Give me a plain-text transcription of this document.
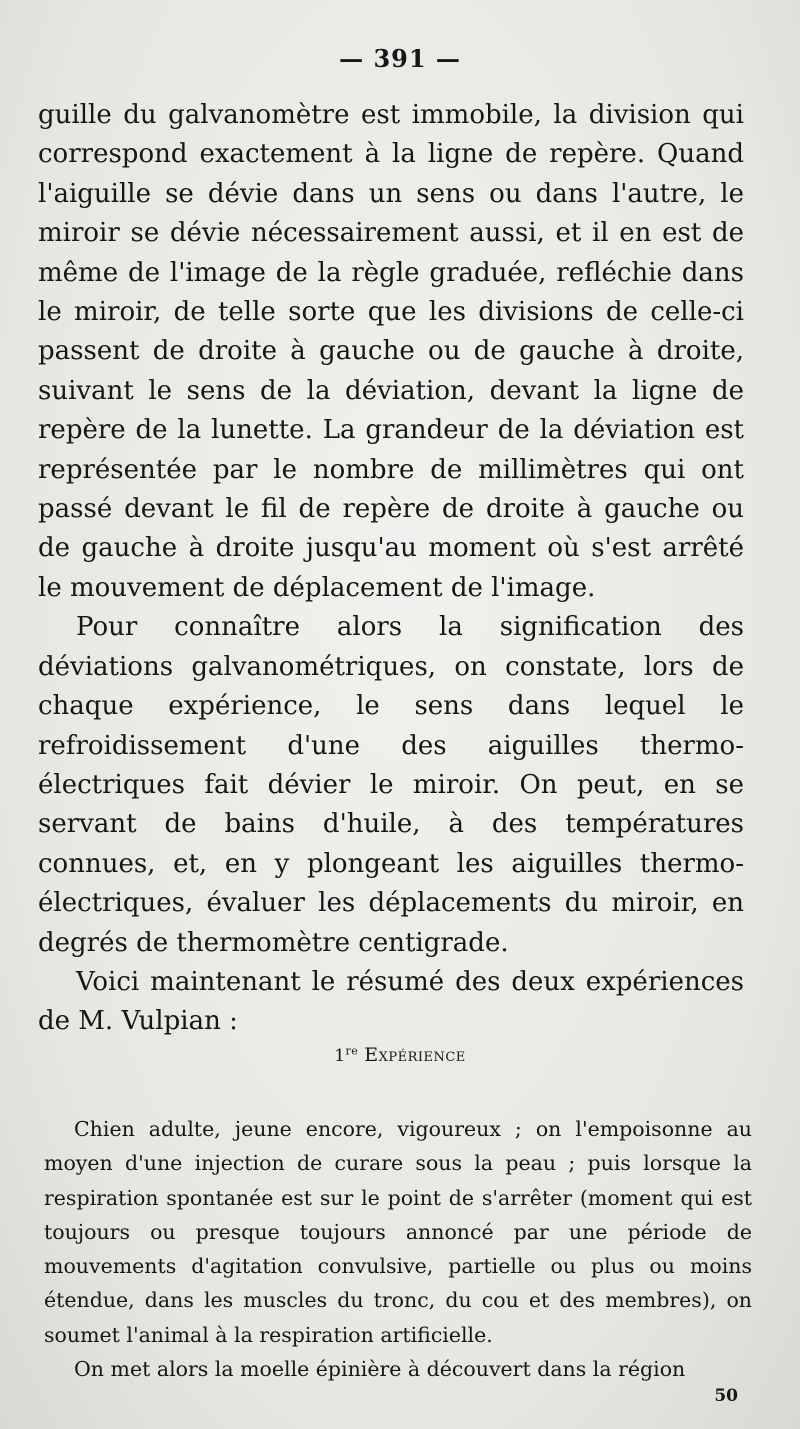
— 391 —

guille du galvanomètre est immobile, la division qui correspond exactement à la ligne de repère. Quand l'aiguille se dévie dans un sens ou dans l'autre, le miroir se dévie nécessairement aussi, et il en est de même de l'image de la règle graduée, refléchie dans le miroir, de telle sorte que les divisions de celle-ci passent de droite à gauche ou de gauche à droite, suivant le sens de la déviation, devant la ligne de repère de la lunette. La grandeur de la déviation est représentée par le nombre de millimètres qui ont passé devant le fil de repère de droite à gauche ou de gauche à droite jusqu'au moment où s'est arrêté le mouvement de déplacement de l'image.

Pour connaître alors la signification des déviations galvanométriques, on constate, lors de chaque expérience, le sens dans lequel le refroidissement d'une des aiguilles thermo-électriques fait dévier le miroir. On peut, en se servant de bains d'huile, à des températures connues, et, en y plongeant les aiguilles thermo-électriques, évaluer les déplacements du miroir, en degrés de thermomètre centigrade.

Voici maintenant le résumé des deux expériences de M. Vulpian :

1re Expérience

Chien adulte, jeune encore, vigoureux ; on l'empoisonne au moyen d'une injection de curare sous la peau ; puis lorsque la respiration spontanée est sur le point de s'arrêter (moment qui est toujours ou presque toujours annoncé par une période de mouvements d'agitation convulsive, partielle ou plus ou moins étendue, dans les muscles du tronc, du cou et des membres), on soumet l'animal à la respiration artificielle.

On met alors la moelle épinière à découvert dans la région

50
